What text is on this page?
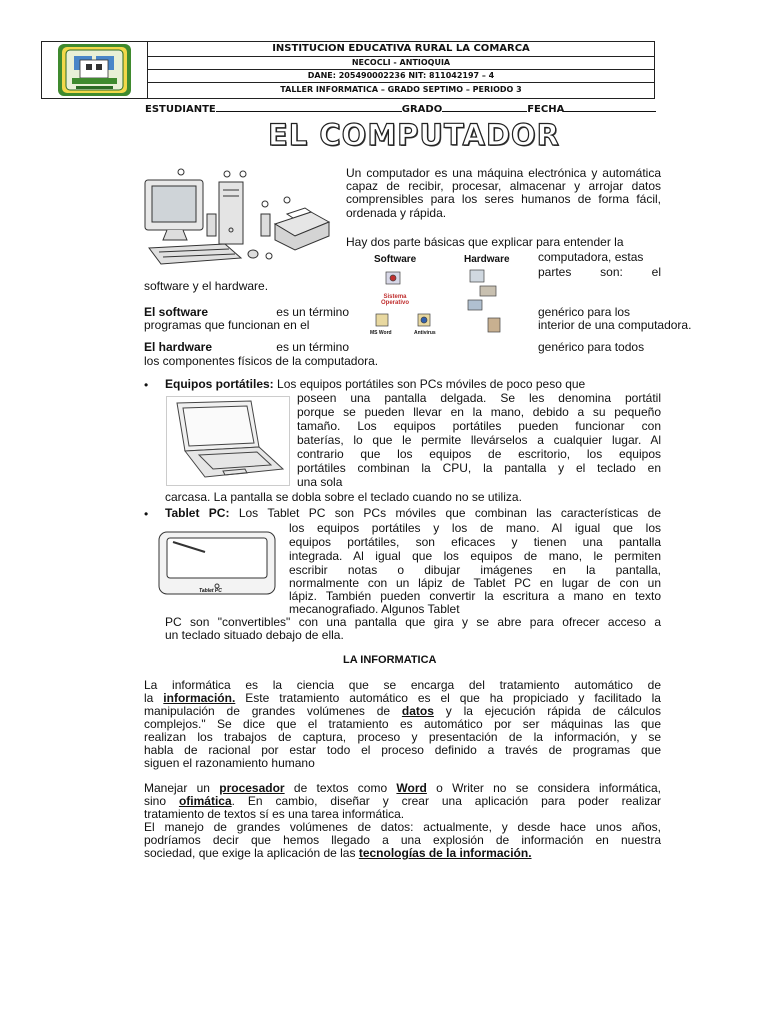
INSTITUCION EDUCATIVA RURAL LA COMARCA
NECOCLI - ANTIOQUIA
DANE: 205490002236 NIT: 811042197 – 4
TALLER INFORMATICA – GRADO SEPTIMO – PERIODO 3
ESTUDIANTE	GRADO	FECHA
EL COMPUTADOR
Un computador es una máquina electrónica y automática capaz de recibir, procesar, almacenar y arrojar datos comprensibles para los seres humanos de forma fácil, ordenada y rápida.
Hay dos parte básicas que explicar para entender la
computadora, estas
partes son: el
software y el hardware.
Software	Hardware
Sistema Operativo
MS Word	Antivirus
El software	es un término	genérico para los
programas que funcionan en el	interior de una computadora.
El hardware	es un término	genérico para todos
los componentes físicos de la computadora.
• Equipos portátiles: Los equipos portátiles son PCs móviles de poco peso que
poseen una pantalla delgada. Se les denomina portátil
porque se pueden llevar en la mano, debido a su pequeño
tamaño. Los equipos portátiles pueden funcionar con
baterías, lo que le permite llevárselos a cualquier lugar. Al
contrario que los equipos de escritorio, los equipos
portátiles combinan la CPU, la pantalla y el teclado en
una sola
carcasa. La pantalla se dobla sobre el teclado cuando no se utiliza.
• Tablet PC: Los Tablet PC son PCs móviles que combinan las características de
Tablet PC
los equipos portátiles y los de mano. Al igual que los
equipos portátiles, son eficaces y tienen una pantalla
integrada. Al igual que los equipos de mano, le permiten
escribir notas o dibujar imágenes en la pantalla,
normalmente con un lápiz de Tablet PC en lugar de con un
lápiz. También pueden convertir la escritura a mano en texto
mecanografiado. Algunos Tablet
PC son "convertibles" con una pantalla que gira y se abre para ofrecer acceso a
un teclado situado debajo de ella.
LA INFORMATICA
La informática es la ciencia que se encarga del tratamiento automático de
la información. Este tratamiento automático es el que ha propiciado y facilitado la
manipulación de grandes volúmenes de datos y la ejecución rápida de cálculos
complejos." Se dice que el tratamiento es automático por ser máquinas las que
realizan los trabajos de captura, proceso y presentación de la información, y se
habla de racional por estar todo el proceso definido a través de programas que
siguen el razonamiento humano
Manejar un procesador de textos como Word o Writer no se considera informática,
sino ofimática. En cambio, diseñar y crear una aplicación para poder realizar
tratamiento de textos sí es una tarea informática.
El manejo de grandes volúmenes de datos: actualmente, y desde hace unos años,
podríamos decir que hemos llegado a una explosión de información en nuestra
sociedad, que exige la aplicación de las tecnologías de la información.
